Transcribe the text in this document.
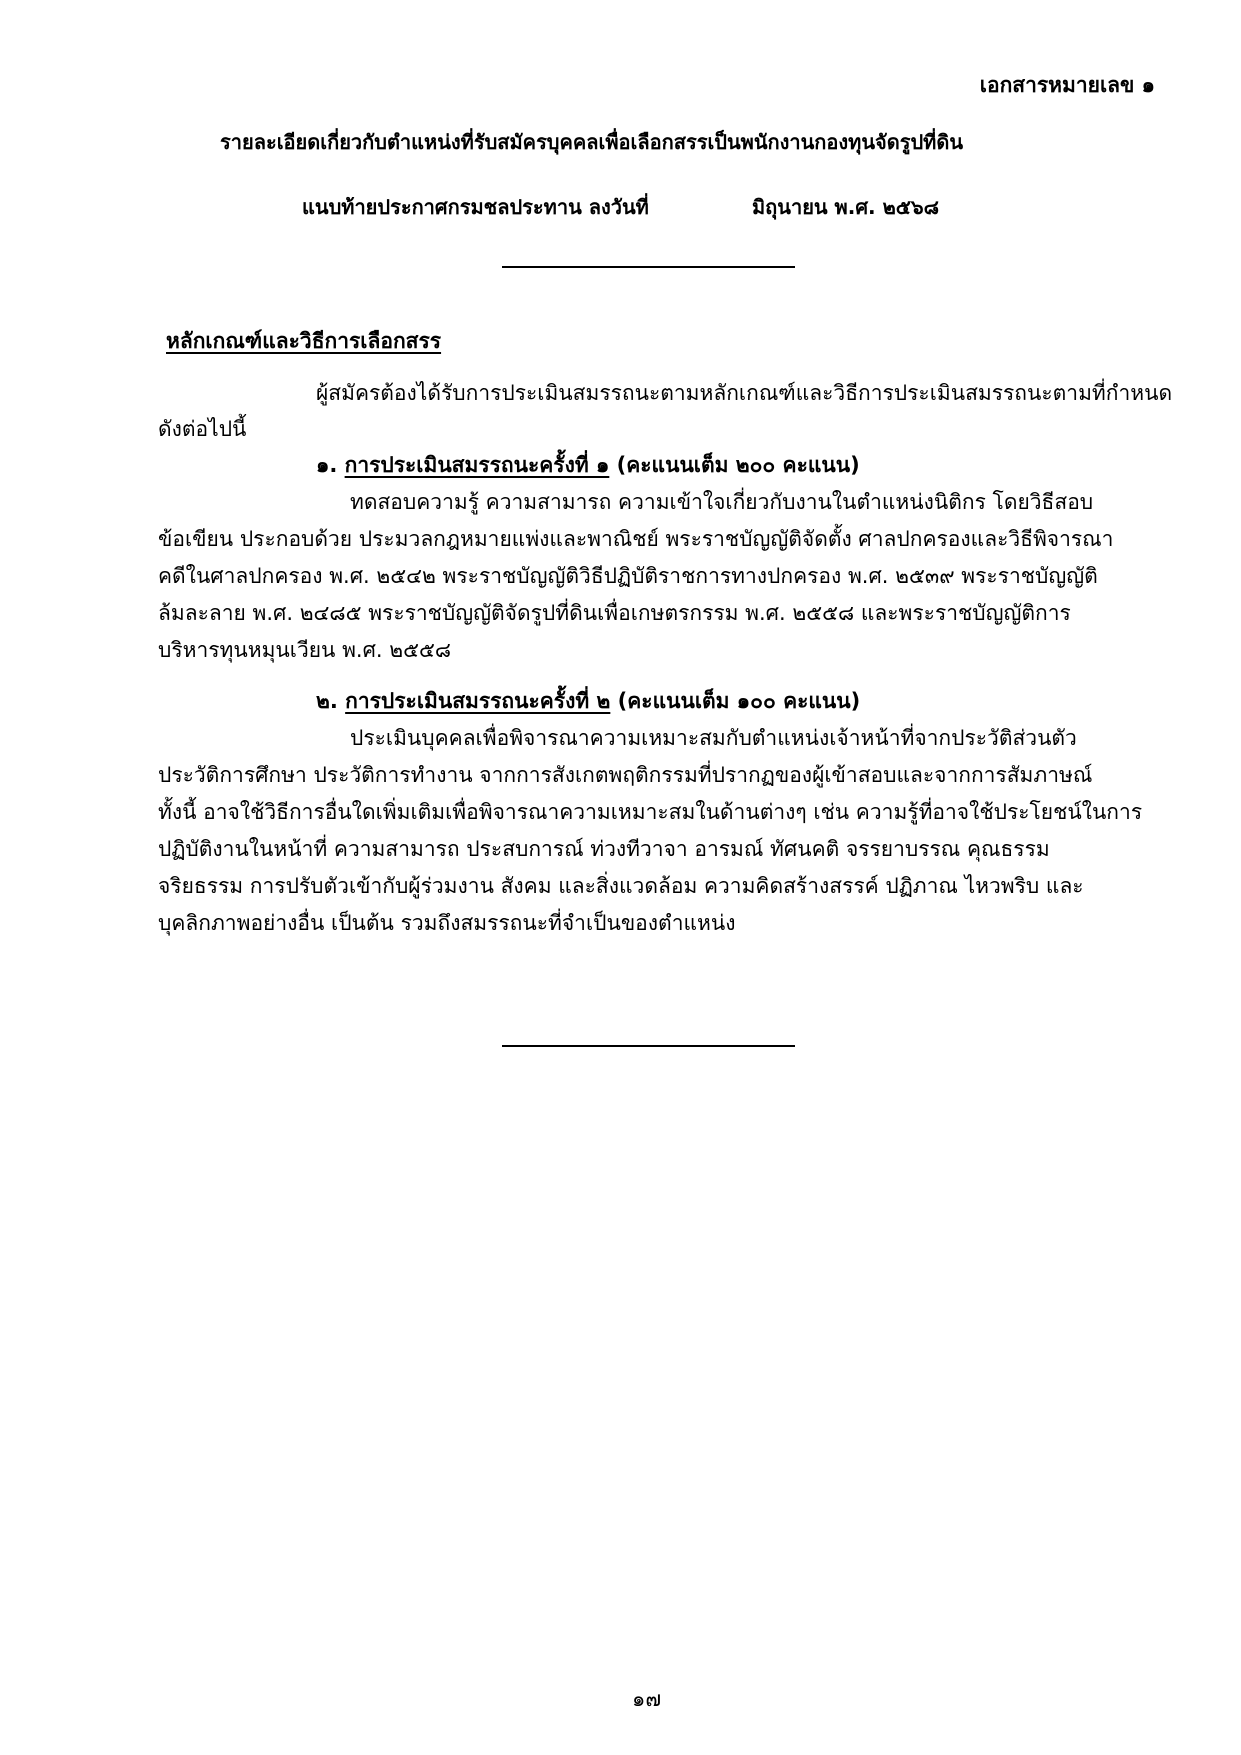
เอกสารหมายเลข ๑
รายละเอียดเกี่ยวกับตำแหน่งที่รับสมัครบุคคลเพื่อเลือกสรรเป็นพนักงานกองทุนจัดรูปที่ดิน
แนบท้ายประกาศกรมชลประทาน ลงวันที่	มิถุนายน พ.ศ. ๒๕๖๘
หลักเกณฑ์และวิธีการเลือกสรร
ผู้สมัครต้องได้รับการประเมินสมรรถนะตามหลักเกณฑ์และวิธีการประเมินสมรรถนะตามที่กำหนด
ดังต่อไปนี้
๑. การประเมินสมรรถนะครั้งที่ ๑ (คะแนนเต็ม ๒๐๐ คะแนน)
ทดสอบความรู้ ความสามารถ ความเข้าใจเกี่ยวกับงานในตำแหน่งนิติกร โดยวิธีสอบ
ข้อเขียน ประกอบด้วย ประมวลกฎหมายแพ่งและพาณิชย์ พระราชบัญญัติจัดตั้ง ศาลปกครองและวิธีพิจารณา
คดีในศาลปกครอง พ.ศ. ๒๕๔๒ พระราชบัญญัติวิธีปฏิบัติราชการทางปกครอง พ.ศ. ๒๕๓๙ พระราชบัญญัติ
ล้มละลาย พ.ศ. ๒๔๘๕ พระราชบัญญัติจัดรูปที่ดินเพื่อเกษตรกรรม พ.ศ. ๒๕๕๘ และพระราชบัญญัติการ
บริหารทุนหมุนเวียน พ.ศ. ๒๕๕๘
๒. การประเมินสมรรถนะครั้งที่ ๒ (คะแนนเต็ม ๑๐๐ คะแนน)
ประเมินบุคคลเพื่อพิจารณาความเหมาะสมกับตำแหน่งเจ้าหน้าที่จากประวัติส่วนตัว
ประวัติการศึกษา ประวัติการทำงาน จากการสังเกตพฤติกรรมที่ปรากฏของผู้เข้าสอบและจากการสัมภาษณ์
ทั้งนี้ อาจใช้วิธีการอื่นใดเพิ่มเติมเพื่อพิจารณาความเหมาะสมในด้านต่างๆ เช่น ความรู้ที่อาจใช้ประโยชน์ในการ
ปฏิบัติงานในหน้าที่ ความสามารถ ประสบการณ์ ท่วงทีวาจา อารมณ์ ทัศนคติ จรรยาบรรณ คุณธรรม
จริยธรรม การปรับตัวเข้ากับผู้ร่วมงาน สังคม และสิ่งแวดล้อม ความคิดสร้างสรรค์ ปฏิภาณ ไหวพริบ และ
บุคลิกภาพอย่างอื่น เป็นต้น รวมถึงสมรรถนะที่จำเป็นของตำแหน่ง
๑๗
